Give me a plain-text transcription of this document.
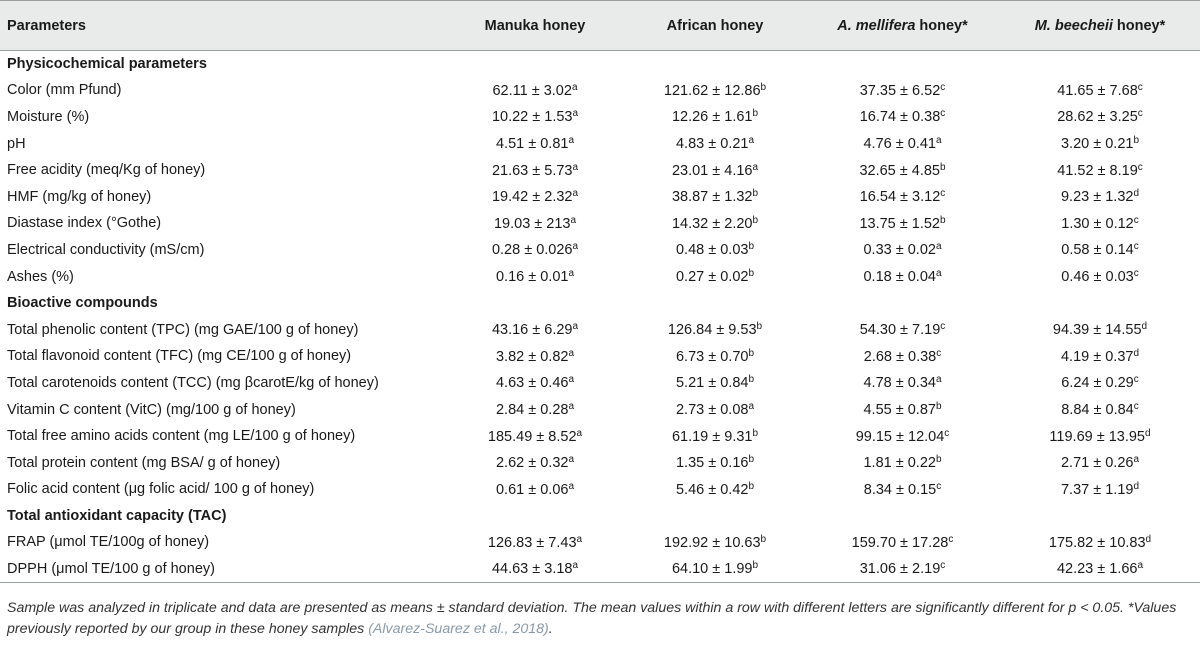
Parameters	Manuka honey	African honey	A. mellifera honey*	M. beecheii honey*
Physicochemical parameters				
Color (mm Pfund)	62.11 ± 3.02$^a$	121.62 ± 12.86$^b$	37.35 ± 6.52$^c$	41.65 ± 7.68$^c$
Moisture (%)	10.22 ± 1.53$^a$	12.26 ± 1.61$^b$	16.74 ± 0.38$^c$	28.62 ± 3.25$^c$
pH	4.51 ± 0.81$^a$	4.83 ± 0.21$^a$	4.76 ± 0.41$^a$	3.20 ± 0.21$^b$
Free acidity (meq/Kg of honey)	21.63 ± 5.73$^a$	23.01 ± 4.16$^a$	32.65 ± 4.85$^b$	41.52 ± 8.19$^c$
HMF (mg/kg of honey)	19.42 ± 2.32$^a$	38.87 ± 1.32$^b$	16.54 ± 3.12$^c$	9.23 ± 1.32$^d$
Diastase index (°Gothe)	$19.03 \pm 213^a$	14.32 ± 2.20$^b$	13.75 ± 1.52$^b$	1.30 ± 0.12$^c$
Electrical conductivity (mS/cm)	0.28 ± 0.026$^a$	0.48 ± 0.03$^b$	0.33 ± 0.02$^a$	0.58 ± 0.14$^c$
Ashes (%)	0.16 ± 0.01$^a$	0.27 ± 0.02$^b$	0.18 ± 0.04$^a$	0.46 ± 0.03$^c$
Bioactive compounds				
Total phenolic content (TPC) (mg GAE/100 g of honey)	43.16 ± 6.29$^a$	126.84 ± 9.53$^b$	54.30 ± 7.19$^c$	94.39 ± 14.55$^d$
Total flavonoid content (TFC) (mg CE/100 g of honey)	3.82 ± 0.82$^a$	6.73 ± 0.70$^b$	2.68 ± 0.38$^c$	4.19 ± 0.37$^d$
Total carotenoids content (TCC) (mg βcarotE/kg of honey)	4.63 ± 0.46$^a$	5.21 ± 0.84$^b$	4.78 ± 0.34$^a$	6.24 ± 0.29$^c$
Vitamin C content (VitC) (mg/100 g of honey)	2.84 ± 0.28$^a$	2.73 ± 0.08$^a$	4.55 ± 0.87$^b$	8.84 ± 0.84$^c$
Total free amino acids content (mg LE/100 g of honey)	185.49 ± 8.52$^a$	61.19 ± 9.31$^b$	99.15 ± 12.04$^c$	119.69 ± 13.95$^d$
Total protein content (mg BSA/ g of honey)	2.62 ± 0.32$^a$	1.35 ± 0.16$^b$	1.81 ± 0.22$^b$	2.71 ± 0.26$^a$
Folic acid content (μg folic acid/ 100 g of honey)	0.61 ± 0.06$^a$	5.46 ± 0.42$^b$	8.34 ± 0.15$^c$	7.37 ± 1.19$^d$
Total antioxidant capacity (TAC)				
FRAP (μmol TE/100g of honey)	126.83 ± 7.43$^a$	192.92 ± 10.63$^b$	159.70 ± 17.28$^c$	175.82 ± 10.83$^d$
DPPH (μmol TE/100 g of honey)	44.63 ± 3.18$^a$	64.10 ± 1.99$^b$	31.06 ± 2.19$^c$	42.23 ± 1.66$^a$
Sample was analyzed in triplicate and data are presented as means ± standard deviation. The mean values within a row with different letters are significantly different for p < 0.05. *Values previously reported by our group in these honey samples (Alvarez-Suarez et al., 2018).
